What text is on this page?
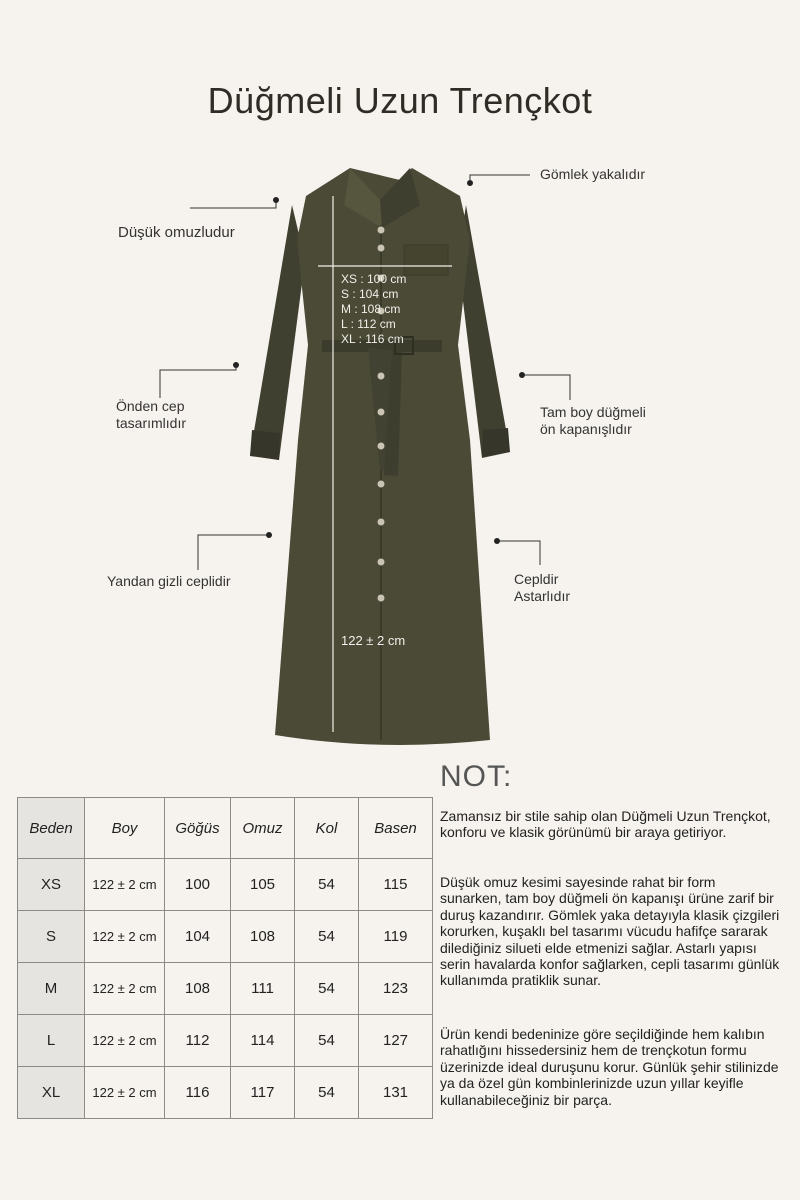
Düğmeli Uzun Trençkot
Gömlek yakalıdır
Düşük omuzludur
Önden cep
tasarımlıdır
Tam boy düğmeli
ön kapanışlıdır
Yandan gizli ceplidir	Cepldir
Astarlıdır
XS : 100 cm
S : 104 cm
M : 108 cm
L : 112 cm
XL : 116 cm
122 ± 2 cm
Beden	Boy	Göğüs	Omuz	Kol	Basen
XS	122 ± 2 cm	100	105	54	115
S	122 ± 2 cm	104	108	54	119
M	122 ± 2 cm	108	111	54	123
L	122 ± 2 cm	112	114	54	127
XL	122 ± 2 cm	116	117	54	131
NOT:
Zamansız bir stile sahip olan Düğmeli Uzun Trençkot, konforu ve klasik görünümü bir araya getiriyor.
Düşük omuz kesimi sayesinde rahat bir form sunarken, tam boy düğmeli ön kapanışı ürüne zarif bir duruş kazandırır. Gömlek yaka detayıyla klasik çizgileri korurken, kuşaklı bel tasarımı vücudu hafifçe sararak dilediğiniz silueti elde etmenizi sağlar. Astarlı yapısı serin havalarda konfor sağlarken, cepli tasarımı günlük kullanımda pratiklik sunar.
Ürün kendi bedeninize göre seçildiğinde hem kalıbın rahatlığını hissedersiniz hem de trençkotun formu üzerinizde ideal duruşunu korur. Günlük şehir stilinizde ya da özel gün kombinlerinizde uzun yıllar keyifle kullanabileceğiniz bir parça.
